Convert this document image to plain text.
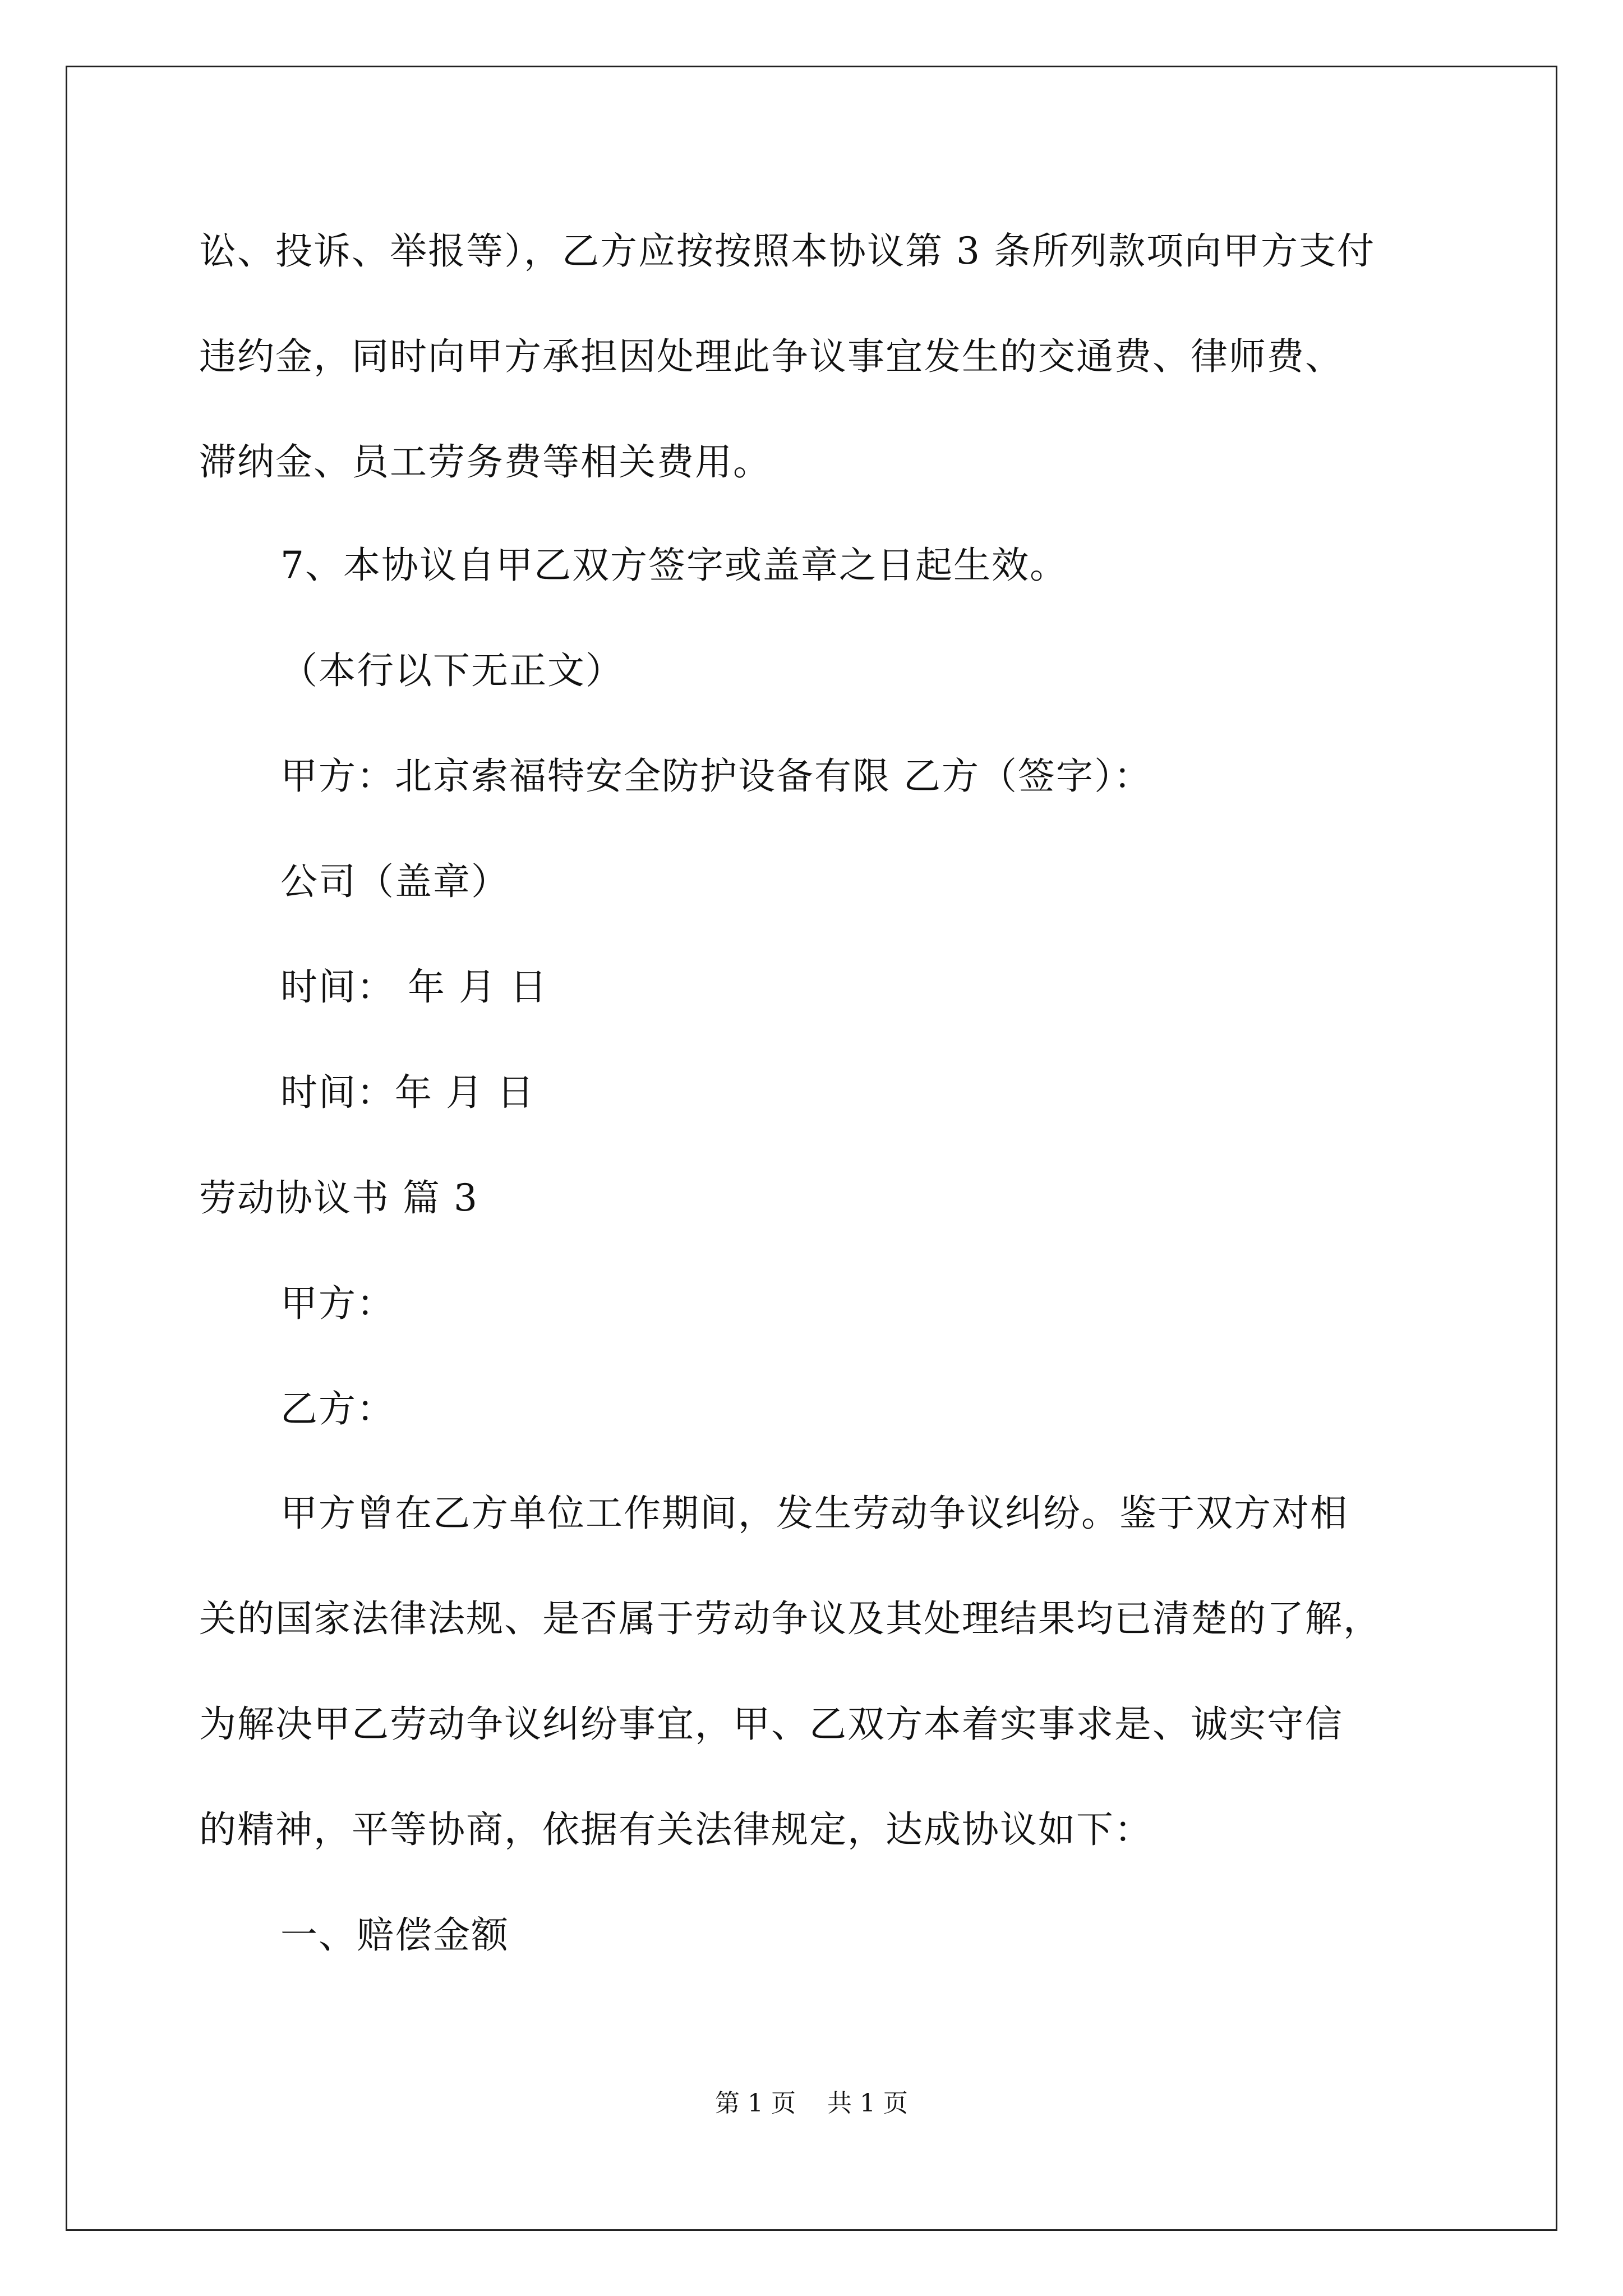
讼、投诉、举报等），乙方应按按照本协议第 3 条所列款项向甲方支付
违约金，同时向甲方承担因处理此争议事宜发生的交通费、律师费、
滞纳金、员工劳务费等相关费用。
7、本协议自甲乙双方签字或盖章之日起生效。
（本行以下无正文）
甲方：北京索福特安全防护设备有限 乙方（签字）：
公司（盖章）
时间： 年 月 日
时间：年 月 日
劳动协议书 篇 3
甲方：
乙方：
甲方曾在乙方单位工作期间，发生劳动争议纠纷。鉴于双方对相
关的国家法律法规、是否属于劳动争议及其处理结果均已清楚的了解，
为解决甲乙劳动争议纠纷事宜，甲、乙双方本着实事求是、诚实守信
的精神，平等协商，依据有关法律规定，达成协议如下：
一、赔偿金额
第 1 页    共 1 页
